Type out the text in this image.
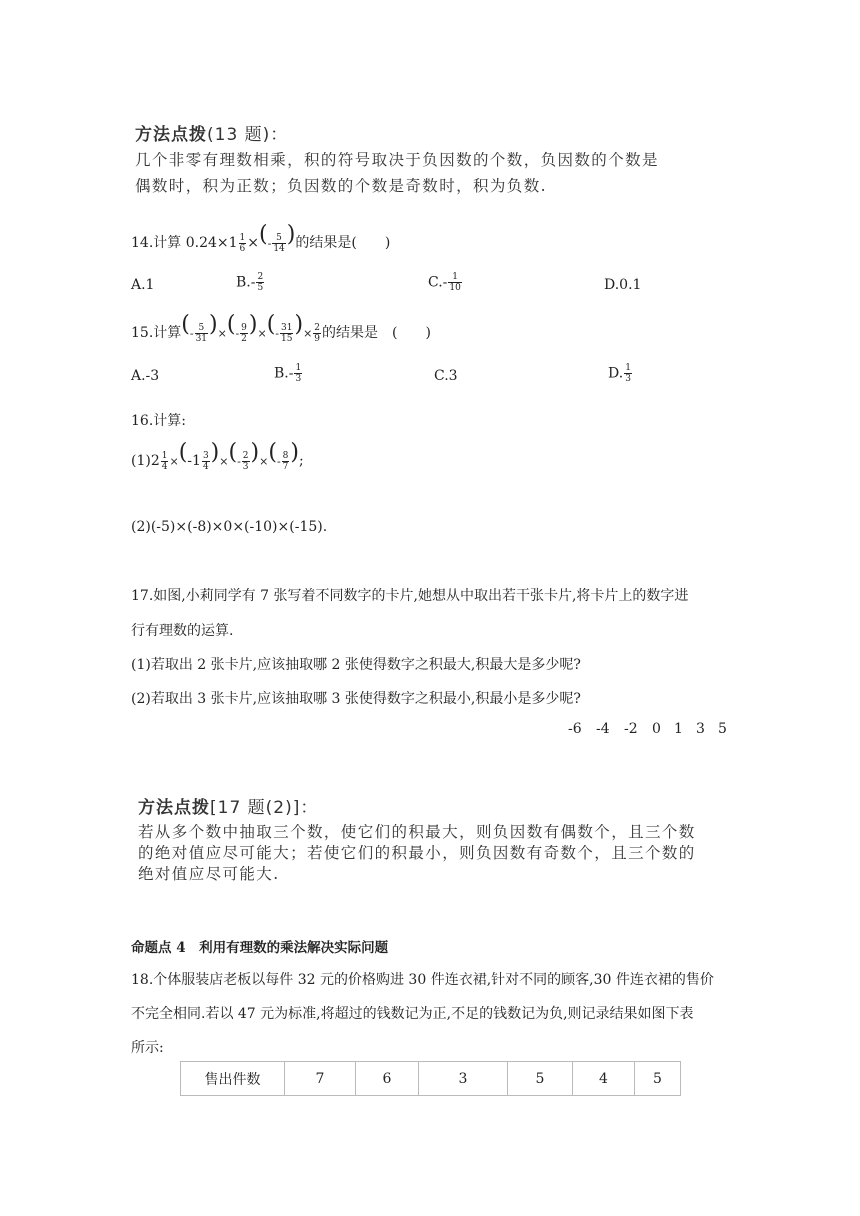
方法点拨(13 题)：
几个非零有理数相乘，积的符号取决于负因数的个数，负因数的个数是
偶数时，积为正数；负因数的个数是奇数时，积为负数.
14.计算 $0.24\times 1 \frac{1}{6}$ ×(- $\frac{5}{14}$ )的结果是(　　)
A.1	$B.- \frac{2}{5}$	$C.- \frac{1}{10}$	D.0.1
15.计算(- $\frac{5}{31}$ )×(- $\frac{9}{2}$ )×(- $\frac{31}{15}$ )× $\frac{2}{9}$ 的结果是　(　　)
A.-3	$B.- \frac{1}{3}$	C.3	D. $\frac{1}{3}$
16.计算:
$(1)2 \frac{1}{4} \times(-1 \frac{3}{4}$ )×(- $\frac{2}{3}$ )×(- $\frac{8}{7}$ );
(2)(-5)×(-8)×0×(-10)×(-15).
17.如图,小莉同学有 7 张写着不同数字的卡片,她想从中取出若干张卡片,将卡片上的数字进
行有理数的运算.
(1)若取出 2 张卡片,应该抽取哪 2 张使得数字之积最大,积最大是多少呢?
(2)若取出 3 张卡片,应该抽取哪 3 张使得数字之积最小,积最小是多少呢?
-6 -4 -2 0 1 3 5
方法点拨[17 题(2)]：
若从多个数中抽取三个数，使它们的积最大，则负因数有偶数个，且三个数
的绝对值应尽可能大；若使它们的积最小，则负因数有奇数个，且三个数的
绝对值应尽可能大.
命题点 4　利用有理数的乘法解决实际问题
18.个体服装店老板以每件 32 元的价格购进 30 件连衣裙,针对不同的顾客,30 件连衣裙的售价
不完全相同.若以 47 元为标准,将超过的钱数记为正,不足的钱数记为负,则记录结果如图下表
所示:
售出件数	7	6	3	5	4	5
